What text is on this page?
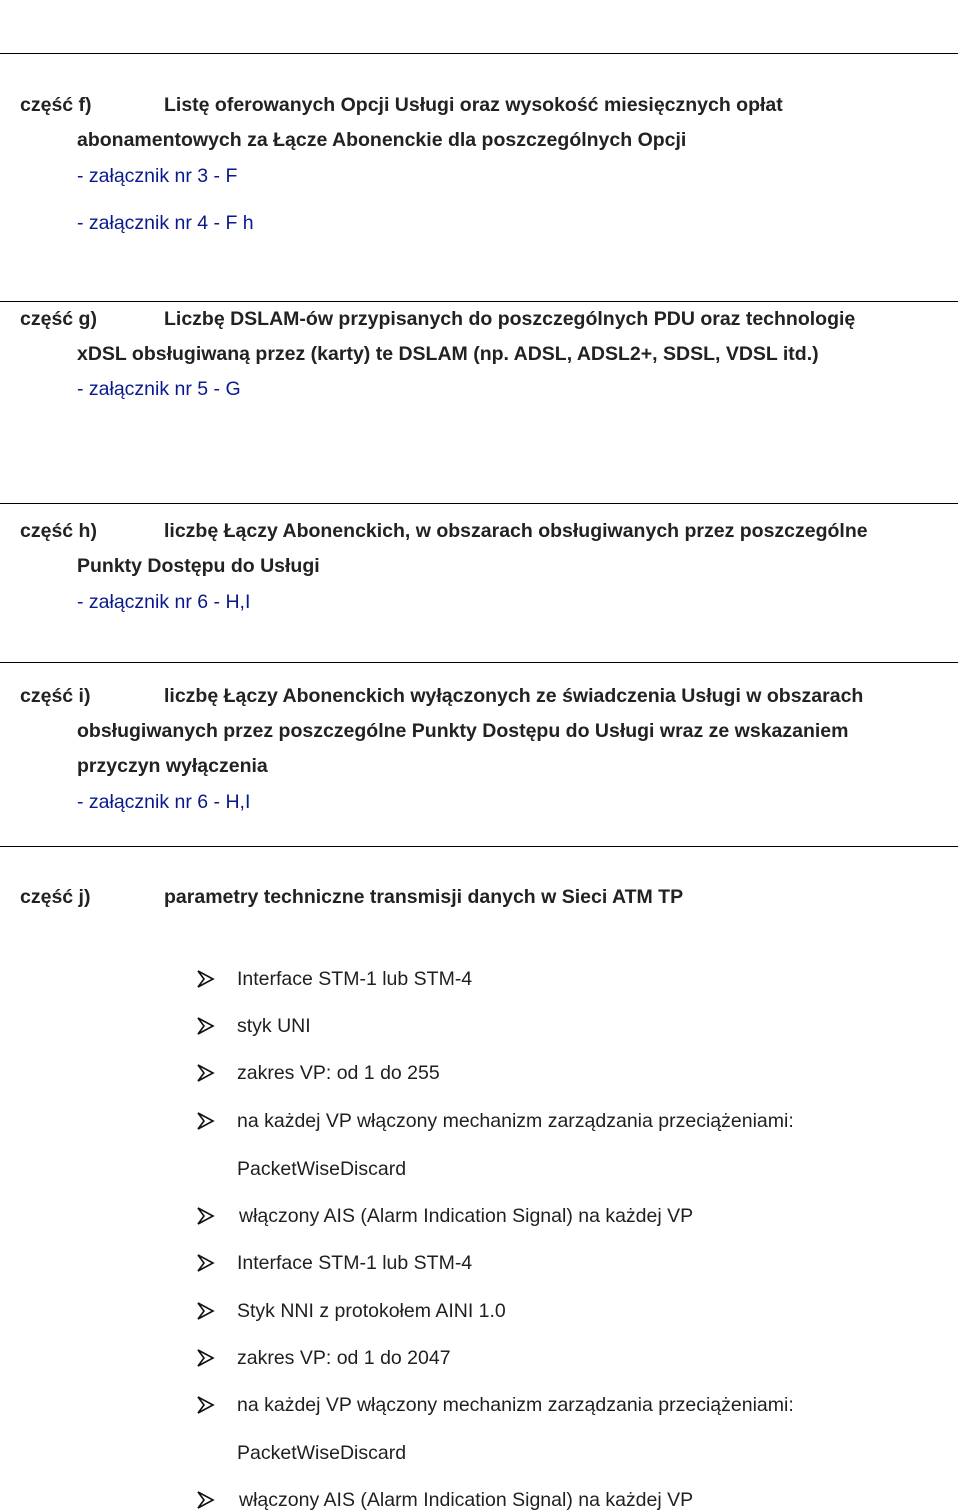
część f)	Listę oferowanych Opcji Usługi oraz wysokość miesięcznych opłat
abonamentowych za Łącze Abonenckie dla poszczególnych Opcji
- załącznik nr 3 - F
- załącznik nr 4 - F h
część g)	Liczbę DSLAM-ów przypisanych do poszczególnych PDU oraz technologię
xDSL obsługiwaną przez (karty) te DSLAM (np. ADSL, ADSL2+, SDSL, VDSL itd.)
- załącznik nr 5 - G
część h)	liczbę Łączy Abonenckich, w obszarach obsługiwanych przez poszczególne
Punkty Dostępu do Usługi
- załącznik nr 6 - H,I
część i)	liczbę Łączy Abonenckich wyłączonych ze świadczenia Usługi w obszarach
obsługiwanych przez poszczególne Punkty Dostępu do Usługi wraz ze wskazaniem
przyczyn wyłączenia
- załącznik nr 6 - H,I
część j)	parametry techniczne transmisji danych w Sieci ATM TP
Interface STM-1 lub STM-4
styk UNI
zakres VP: od 1 do 255
na każdej VP włączony mechanizm zarządzania przeciążeniami:
PacketWiseDiscard
włączony AIS (Alarm Indication Signal) na każdej VP
Interface STM-1 lub STM-4
Styk NNI z protokołem AINI 1.0
zakres VP: od 1 do 2047
na każdej VP włączony mechanizm zarządzania przeciążeniami:
PacketWiseDiscard
włączony AIS (Alarm Indication Signal) na każdej VP
